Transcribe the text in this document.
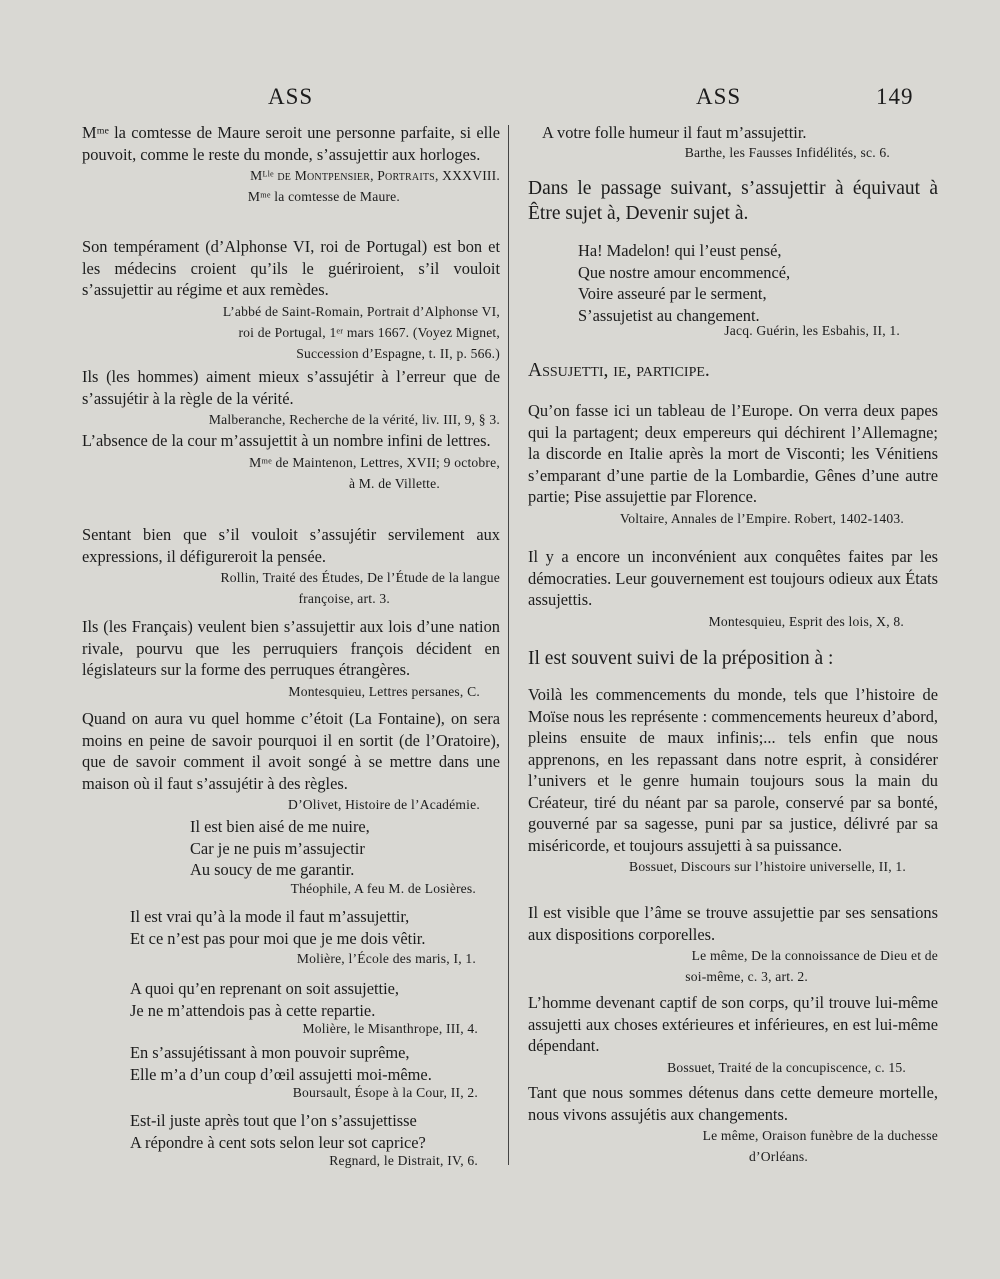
ASS	ASS	149

Mᵐᵉ la comtesse de Maure seroit une personne parfaite, si elle pouvoit, comme le reste du monde, s’assujettir aux horloges.

Mᴸˡᵉ de Montpensier, Portraits, XXXVIII.

Mᵐᵉ la comtesse de Maure.

Son tempérament (d’Alphonse VI, roi de Portugal) est bon et les médecins croient qu’ils le guériroient, s’il vouloit s’assujettir au régime et aux remèdes.

L’abbé de Saint-Romain, Portrait d’Alphonse VI,

roi de Portugal, 1ᵉʳ mars 1667. (Voyez Mignet,

Succession d’Espagne, t. II, p. 566.)

Ils (les hommes) aiment mieux s’assujétir à l’erreur que de s’assujétir à la règle de la vérité.

Malberanche, Recherche de la vérité, liv. III, 9, § 3.

L’absence de la cour m’assujettit à un nombre infini de lettres.

Mᵐᵉ de Maintenon, Lettres, XVII; 9 octobre,

à M. de Villette.

Sentant bien que s’il vouloit s’assujétir servilement aux expressions, il défigureroit la pensée.

Rollin, Traité des Études, De l’Étude de la langue

françoise, art. 3.

Ils (les Français) veulent bien s’assujettir aux lois d’une nation rivale, pourvu que les perruquiers françois décident en législateurs sur la forme des perruques étrangères.

Montesquieu, Lettres persanes, C.

Quand on aura vu quel homme c’étoit (La Fontaine), on sera moins en peine de savoir pourquoi il en sortit (de l’Oratoire), que de savoir comment il avoit songé à se mettre dans une maison où il faut s’assujétir à des règles.

D’Olivet, Histoire de l’Académie.

Il est bien aisé de me nuire,

Car je ne puis m’assujectir

Au soucy de me garantir.

Théophile, A feu M. de Losières.

Il est vrai qu’à la mode il faut m’assujettir,

Et ce n’est pas pour moi que je me dois vêtir.

Molière, l’École des maris, I, 1.

A quoi qu’en reprenant on soit assujettie,

Je ne m’attendois pas à cette repartie.

Molière, le Misanthrope, III, 4.

En s’assujétissant à mon pouvoir suprême,

Elle m’a d’un coup d’œil assujetti moi-même.

Boursault, Ésope à la Cour, II, 2.

Est-il juste après tout que l’on s’assujettisse

A répondre à cent sots selon leur sot caprice?

Regnard, le Distrait, IV, 6.

A votre folle humeur il faut m’assujettir.

Barthe, les Fausses Infidélités, sc. 6.

Dans le passage suivant, s’assujettir à équivaut à Être sujet à, Devenir sujet à.

Ha! Madelon! qui l’eust pensé,

Que nostre amour encommencé,

Voire asseuré par le serment,

S’assujetist au changement.

Jacq. Guérin, les Esbahis, II, 1.

Assujetti, ie, participe.

Qu’on fasse ici un tableau de l’Europe. On verra deux papes qui la partagent; deux empereurs qui déchirent l’Allemagne; la discorde en Italie après la mort de Visconti; les Vénitiens s’emparant d’une partie de la Lombardie, Gênes d’une autre partie; Pise assujettie par Florence.

Voltaire, Annales de l’Empire. Robert, 1402-1403.

Il y a encore un inconvénient aux conquêtes faites par les démocraties. Leur gouvernement est toujours odieux aux États assujettis.

Montesquieu, Esprit des lois, X, 8.

Il est souvent suivi de la préposition à :

Voilà les commencements du monde, tels que l’histoire de Moïse nous les représente : commencements heureux d’abord, pleins ensuite de maux infinis;... tels enfin que nous apprenons, en les repassant dans notre esprit, à considérer l’univers et le genre humain toujours sous la main du Créateur, tiré du néant par sa parole, conservé par sa bonté, gouverné par sa sagesse, puni par sa justice, délivré par sa miséricorde, et toujours assujetti à sa puissance.

Bossuet, Discours sur l’histoire universelle, II, 1.

Il est visible que l’âme se trouve assujettie par ses sensations aux dispositions corporelles.

Le même, De la connoissance de Dieu et de

soi-même, c. 3, art. 2.

L’homme devenant captif de son corps, qu’il trouve lui-même assujetti aux choses extérieures et inférieures, en est lui-même dépendant.

Bossuet, Traité de la concupiscence, c. 15.

Tant que nous sommes détenus dans cette demeure mortelle, nous vivons assujétis aux changements.

Le même, Oraison funèbre de la duchesse

d’Orléans.
